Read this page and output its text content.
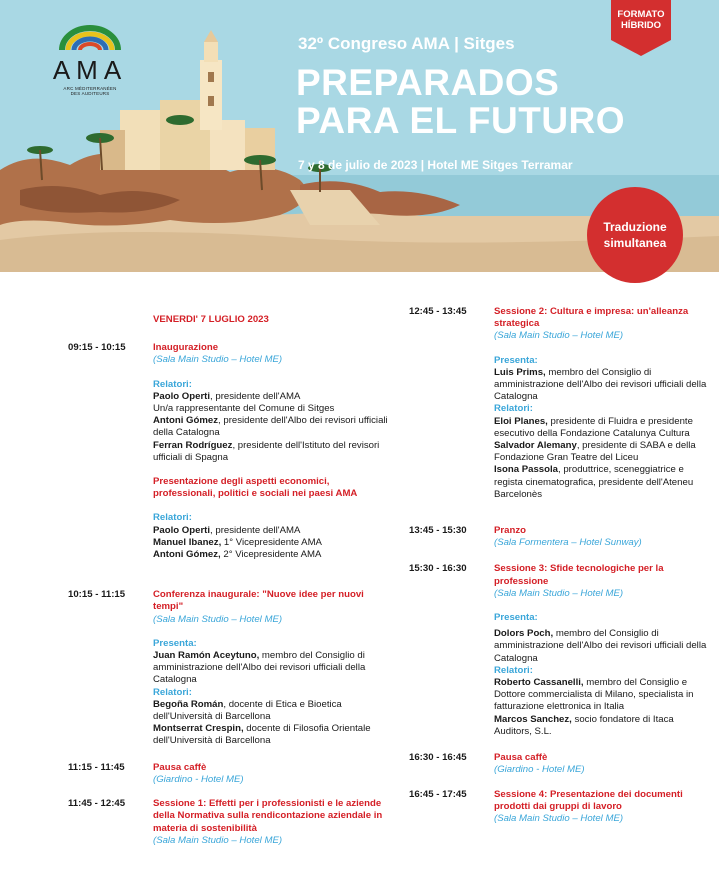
AMA
ARC MÉDITERRANÉEN
DES AUDITEURS
32º Congreso AMA | Sitges
PREPARADOS
PARA EL FUTURO
7 y 8 de julio de 2023 | Hotel ME Sitges Terramar
FORMATO
HÍBRIDO
Traduzione
simultanea
VENERDI' 7 LUGLIO 2023
09:15 - 10:15	Inaugurazione
(Sala Main Studio – Hotel ME)
Relatori:
Paolo Operti, presidente dell'AMA
Un/a rappresentante del Comune di Sitges
Antoni Gómez, presidente dell'Albo dei revisori ufficiali della Catalogna
Ferran Rodríguez, presidente dell'Istituto del revisori ufficiali di Spagna
Presentazione degli aspetti economici, professionali, politici e sociali nei paesi AMA
Relatori:
Paolo Operti, presidente dell'AMA
Manuel Ibanez, 1° Vicepresidente AMA
Antoni Gómez, 2° Vicepresidente AMA
10:15 - 11:15	Conferenza inaugurale: "Nuove idee per nuovi tempi"
(Sala Main Studio – Hotel ME)
Presenta:
Juan Ramón Aceytuno, membro del Consiglio di amministrazione dell'Albo dei revisori ufficiali della Catalogna
Relatori:
Begoña Román, docente di Etica e Bioetica dell'Università di Barcellona
Montserrat Crespin, docente di Filosofia Orientale dell'Università di Barcellona
11:15 - 11:45	Pausa caffè
(Giardino - Hotel ME)
11:45 - 12:45	Sessione 1: Effetti per i professionisti e le aziende della Normativa sulla rendicontazione aziendale in materia di sostenibilità
(Sala Main Studio – Hotel ME)
12:45 - 13:45	Sessione 2: Cultura e impresa: un'alleanza strategica
(Sala Main Studio – Hotel ME)
Presenta:
Luis Prims, membro del Consiglio di amministrazione dell'Albo dei revisori ufficiali della Catalogna
Relatori:
Eloi Planes, presidente di Fluidra e presidente esecutivo della Fondazione Catalunya Cultura
Salvador Alemany, presidente di SABA e della Fondazione Gran Teatre del Liceu
Isona Passola, produttrice, sceneggiatrice e regista cinematografica, presidente dell'Ateneu Barcelonès
13:45 - 15:30	Pranzo
(Sala Formentera – Hotel Sunway)
15:30 - 16:30	Sessione 3: Sfide tecnologiche per la professione
(Sala Main Studio – Hotel ME)
Presenta:
Dolors Poch, membro del Consiglio di amministrazione dell'Albo dei revisori ufficiali della Catalogna
Relatori:
Roberto Cassanelli, membro del Consiglio e Dottore commercialista di Milano, specialista in fatturazione elettronica in Italia
Marcos Sanchez, socio fondatore di Itaca Auditors, S.L.
16:30 - 16:45	Pausa caffè
(Giardino - Hotel ME)
16:45 - 17:45	Sessione 4: Presentazione dei documenti prodotti dai gruppi di lavoro
(Sala Main Studio – Hotel ME)
